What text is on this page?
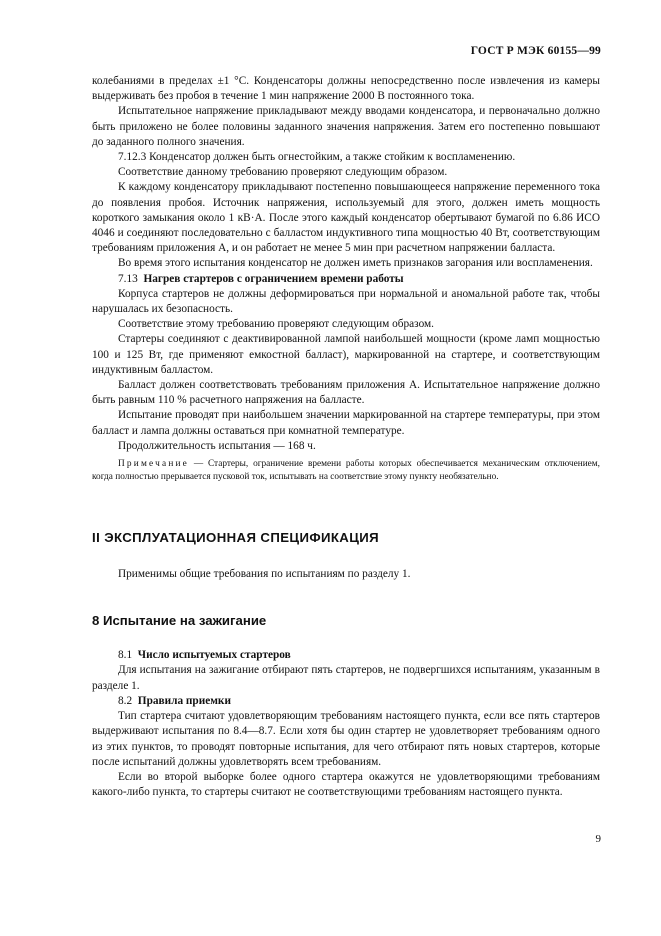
ГОСТ Р МЭК 60155—99

колебаниями в пределах ±1 °С. Конденсаторы должны непосредственно после извлечения из камеры выдерживать без пробоя в течение 1 мин напряжение 2000 В постоянного тока.

Испытательное напряжение прикладывают между вводами конденсатора, и первоначально должно быть приложено не более половины заданного значения напряжения. Затем его постепенно повышают до заданного полного значения.

7.12.3 Конденсатор должен быть огнестойким, а также стойким к воспламенению.

Соответствие данному требованию проверяют следующим образом.

К каждому конденсатору прикладывают постепенно повышающееся напряжение переменного тока до появления пробоя. Источник напряжения, используемый для этого, должен иметь мощность короткого замыкания около 1 кВ·А. После этого каждый конденсатор обертывают бумагой по 6.86 ИСО 4046 и соединяют последовательно с балластом индуктивного типа мощностью 40 Вт, соответствующим требованиям приложения А, и он работает не менее 5 мин при расчетном напряжении балласта.

Во время этого испытания конденсатор не должен иметь признаков загорания или воспламенения.

7.13 Нагрев стартеров с ограничением времени работы

Корпуса стартеров не должны деформироваться при нормальной и аномальной работе так, чтобы нарушалась их безопасность.

Соответствие этому требованию проверяют следующим образом.

Стартеры соединяют с деактивированной лампой наибольшей мощности (кроме ламп мощностью 100 и 125 Вт, где применяют емкостной балласт), маркированной на стартере, и соответствующим индуктивным балластом.

Балласт должен соответствовать требованиям приложения А. Испытательное напряжение должно быть равным 110 % расчетного напряжения на балласте.

Испытание проводят при наибольшем значении маркированной на стартере температуры, при этом балласт и лампа должны оставаться при комнатной температуре.

Продолжительность испытания — 168 ч.

Примечание — Стартеры, ограничение времени работы которых обеспечивается механическим отключением, когда полностью прерывается пусковой ток, испытывать на соответствие этому пункту необязательно.

II ЭКСПЛУАТАЦИОННАЯ СПЕЦИФИКАЦИЯ

Применимы общие требования по испытаниям по разделу 1.

8 Испытание на зажигание

8.1 Число испытуемых стартеров

Для испытания на зажигание отбирают пять стартеров, не подвергшихся испытаниям, указанным в разделе 1.

8.2 Правила приемки

Тип стартера считают удовлетворяющим требованиям настоящего пункта, если все пять стартеров выдерживают испытания по 8.4—8.7. Если хотя бы один стартер не удовлетворяет требованиям одного из этих пунктов, то проводят повторные испытания, для чего отбирают пять новых стартеров, которые после испытаний должны удовлетворять всем требованиям.

Если во второй выборке более одного стартера окажутся не удовлетворяющими требованиям какого-либо пункта, то стартеры считают не соответствующими требованиям настоящего пункта.

9
